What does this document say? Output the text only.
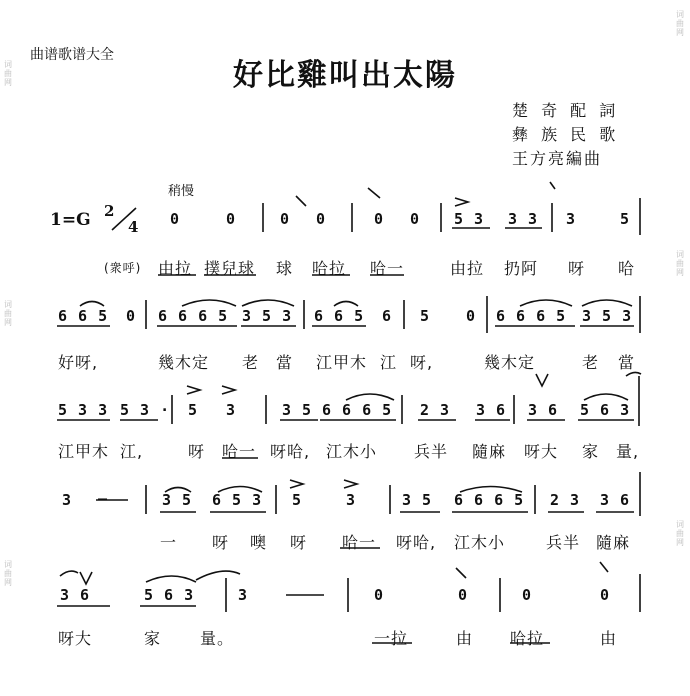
曲谱歌谱大全
好比雞叫出太陽
楚 奇 配 詞
彝 族 民 歌
王方亮編曲
稍慢
1=G 2
4 0	0	0 0	0 0 5 3 3 3 3	5
(衆呼) 由拉 撲兒球 球 哈拉 哈一	由拉 扔阿 呀 哈
6 6 5 0 6 6 6 5 3 5 3 6 6 5 6 5 0 6 6 6 5 3 5 3
好呀,	幾木定 老 當 江甲木 江 呀,	幾木定	老 當
5 3 3 5 3 · 5 3	3 5 6 6 6 5 2 3 3 6 3 6 5 6 3
江甲木 江,	呀 哈一 呀哈, 江木小 兵半 隨麻 呀大 家 量,
3 —	3 5 6 5 3 5	3	3 5 6 6 6 5 2 3 3 6
一 呀 噢 呀 哈一 呀哈, 江木小	兵半 隨麻
3 6	5 6 3	3	0	0	0	0
呀大	家 量。	一拉	由 哈拉	由
词
曲
网
词
曲
网
词
曲
网
词
曲
网
词
曲
网
词
曲
网
